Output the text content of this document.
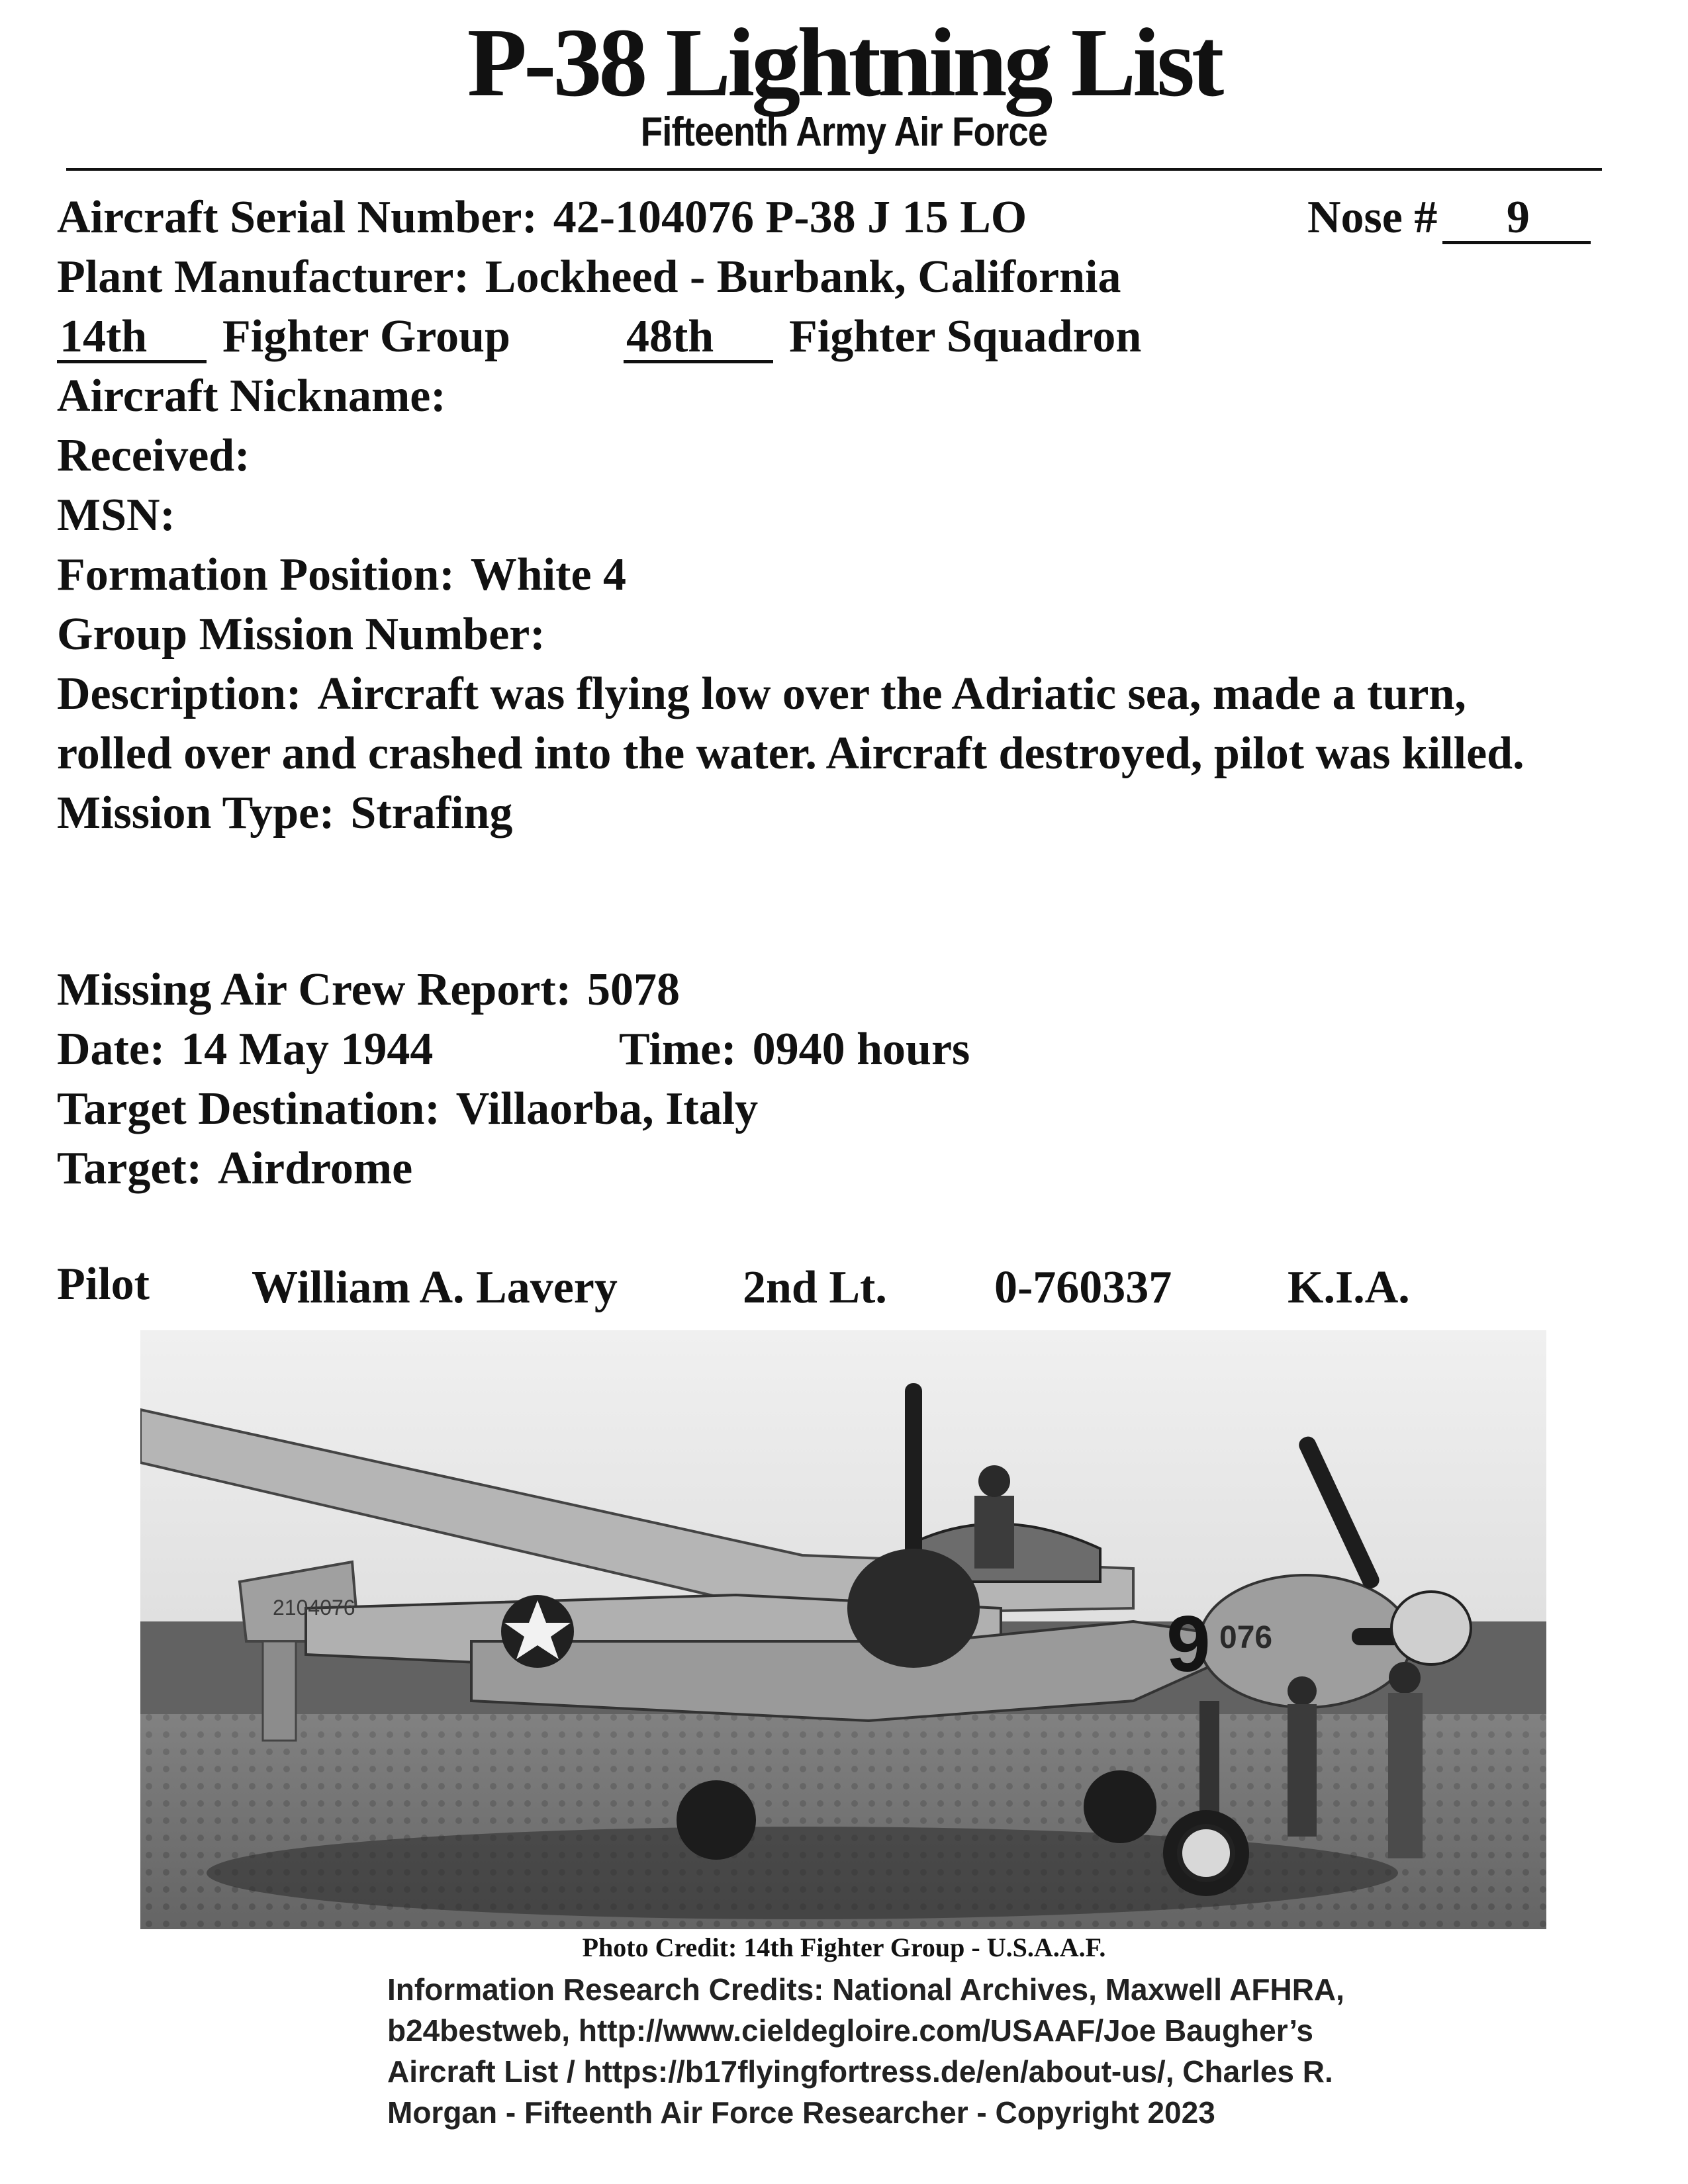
P-38 Lightning List
Fifteenth Army Air Force
Aircraft Serial Number: 42-104076 P-38 J 15 LO	Nose # 9
Plant Manufacturer: Lockheed - Burbank, California
14th Fighter Group	48th Fighter Squadron
Aircraft Nickname:
Received:
MSN:
Formation Position: White 4
Group Mission Number:
Description: Aircraft was flying low over the Adriatic sea, made a turn,
rolled over and crashed into the water. Aircraft destroyed, pilot was killed.
Mission Type: Strafing
Missing Air Crew Report: 5078
Date: 14 May 1944	Time: 0940 hours
Target Destination: Villaorba, Italy
Target: Airdrome
Pilot William A. Lavery	2nd Lt. 0-760337 K.I.A.
9 076
2104076
Photo Credit: 14th Fighter Group - U.S.A.A.F.
Information Research Credits: National Archives, Maxwell AFHRA,
b24bestweb, http://www.cieldegloire.com/USAAF/Joe Baugher’s
Aircraft List / https://b17flyingfortress.de/en/about-us/, Charles R.
Morgan - Fifteenth Air Force Researcher - Copyright 2023
